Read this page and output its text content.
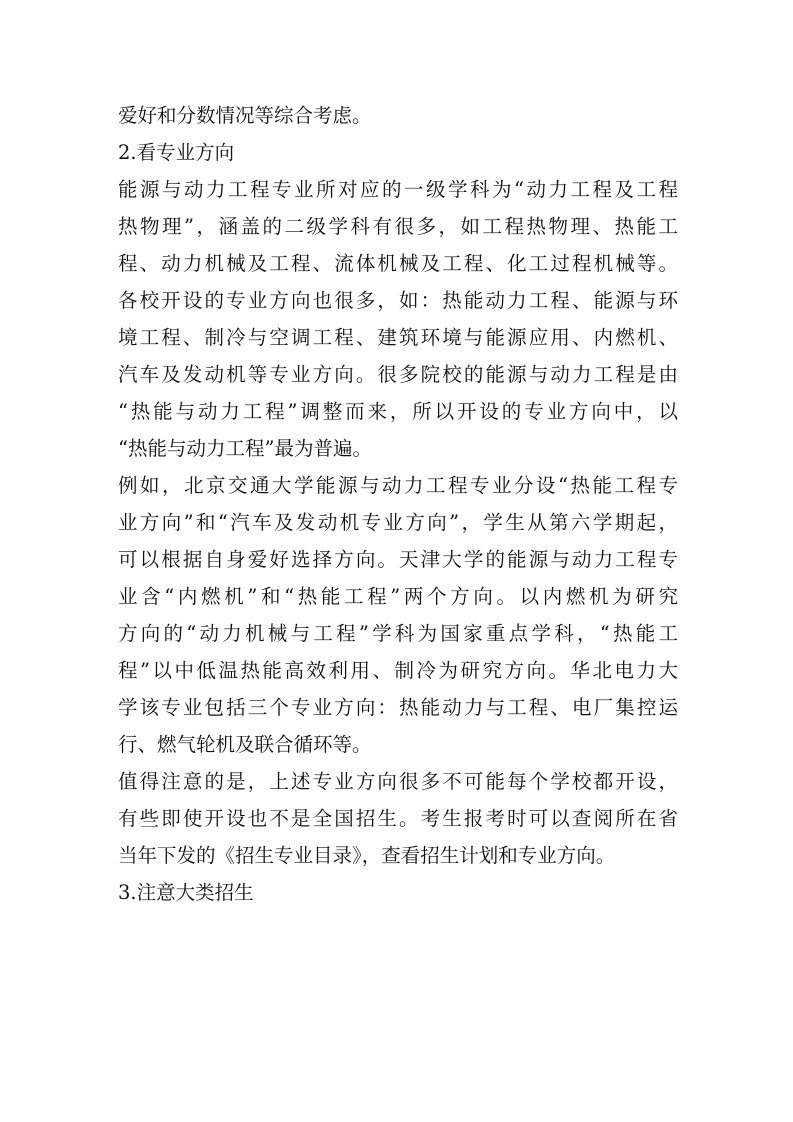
爱好和分数情况等综合考虑。
2.看专业方向
能源与动力工程专业所对应的一级学科为“动力工程及工程
热物理”，涵盖的二级学科有很多，如工程热物理、热能工
程、动力机械及工程、流体机械及工程、化工过程机械等。
各校开设的专业方向也很多，如：热能动力工程、能源与环
境工程、制冷与空调工程、建筑环境与能源应用、内燃机、
汽车及发动机等专业方向。很多院校的能源与动力工程是由
“热能与动力工程”调整而来，所以开设的专业方向中，以
“热能与动力工程”最为普遍。
例如，北京交通大学能源与动力工程专业分设“热能工程专
业方向”和“汽车及发动机专业方向”，学生从第六学期起，
可以根据自身爱好选择方向。天津大学的能源与动力工程专
业含“内燃机”和“热能工程”两个方向。以内燃机为研究
方向的“动力机械与工程”学科为国家重点学科，“热能工
程”以中低温热能高效利用、制冷为研究方向。华北电力大
学该专业包括三个专业方向：热能动力与工程、电厂集控运
行、燃气轮机及联合循环等。
值得注意的是，上述专业方向很多不可能每个学校都开设，
有些即使开设也不是全国招生。考生报考时可以查阅所在省
当年下发的《招生专业目录》，查看招生计划和专业方向。
3.注意大类招生
